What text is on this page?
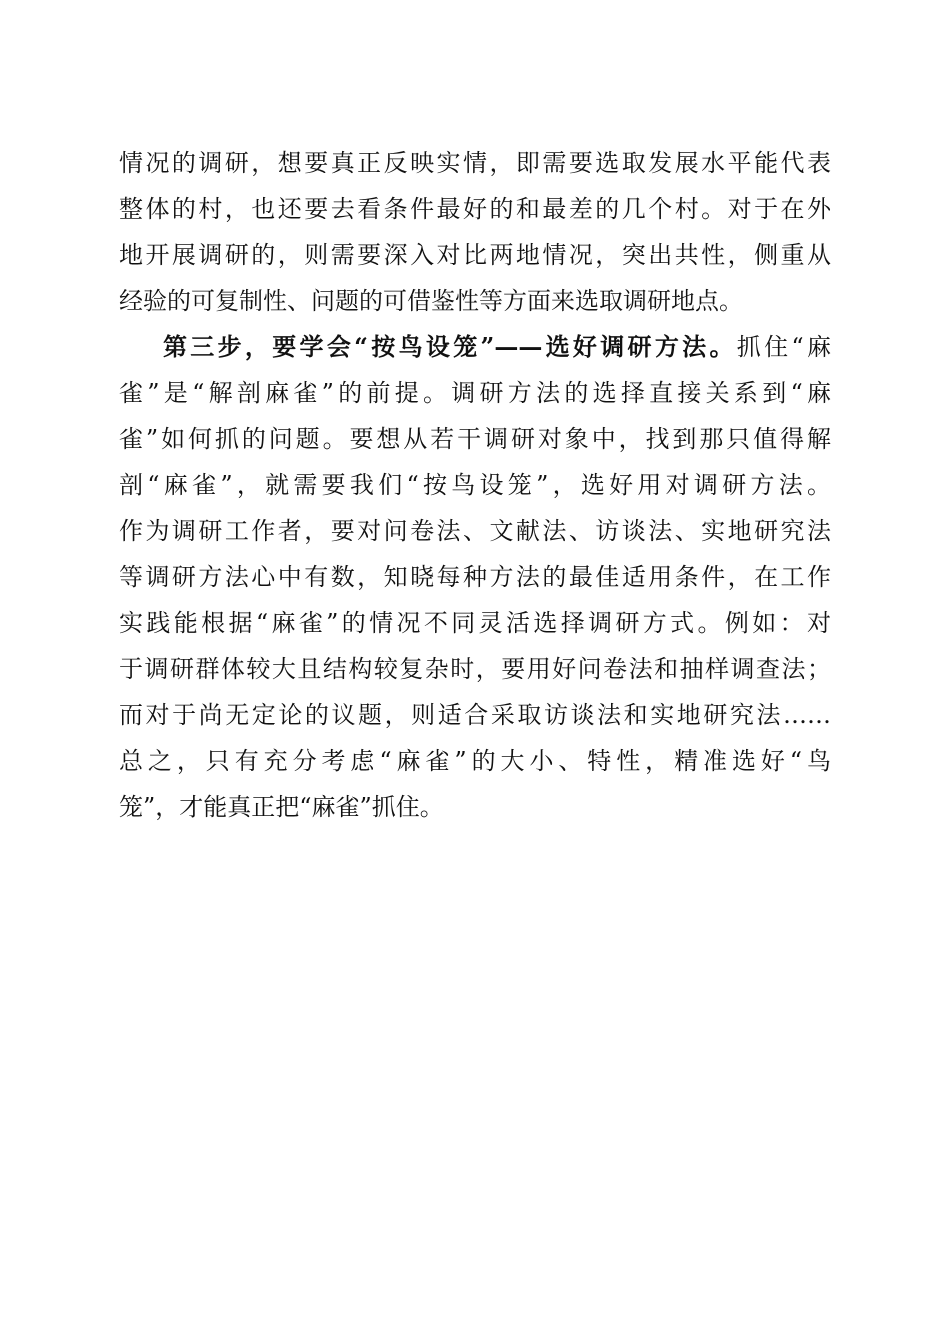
情况的调研，想要真正反映实情，即需要选取发展水平能代表
整体的村，也还要去看条件最好的和最差的几个村。对于在外
地开展调研的，则需要深入对比两地情况，突出共性，侧重从
经验的可复制性、问题的可借鉴性等方面来选取调研地点。
第三步，要学会“按鸟设笼”——选好调研方法。抓住“麻
雀”是“解剖麻雀”的前提。调研方法的选择直接关系到“麻
雀”如何抓的问题。要想从若干调研对象中，找到那只值得解
剖“麻雀”，就需要我们“按鸟设笼”，选好用对调研方法。
作为调研工作者，要对问卷法、文献法、访谈法、实地研究法
等调研方法心中有数，知晓每种方法的最佳适用条件，在工作
实践能根据“麻雀”的情况不同灵活选择调研方式。例如：对
于调研群体较大且结构较复杂时，要用好问卷法和抽样调查法；
而对于尚无定论的议题，则适合采取访谈法和实地研究法……
总之，只有充分考虑“麻雀”的大小、特性，精准选好“鸟
笼”，才能真正把“麻雀”抓住。
